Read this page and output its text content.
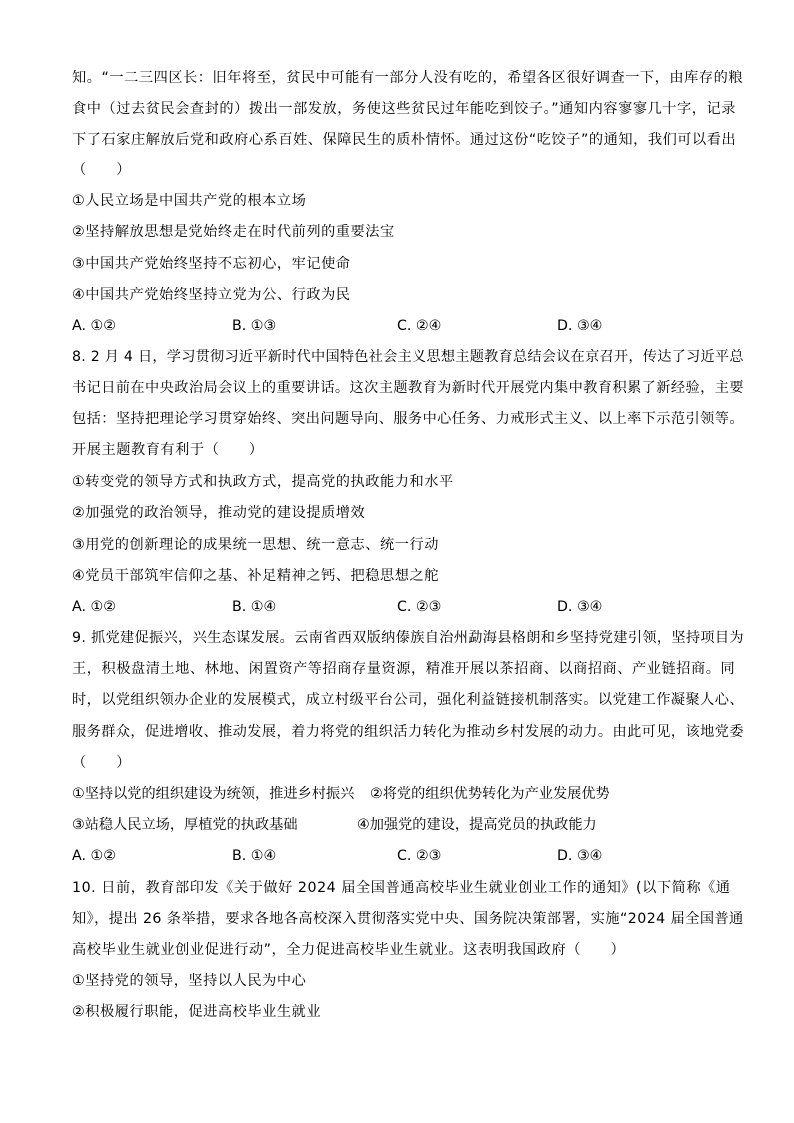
知。“一二三四区长：旧年将至，贫民中可能有一部分人没有吃的，希望各区很好调查一下，由库存的粮
食中（过去贫民会查封的）拨出一部发放，务使这些贫民过年能吃到饺子。”通知内容寥寥几十字，记录
下了石家庄解放后党和政府心系百姓、保障民生的质朴情怀。通过这份“吃饺子”的通知，我们可以看出
（　　）
①人民立场是中国共产党的根本立场
②坚持解放思想是党始终走在时代前列的重要法宝
③中国共产党始终坚持不忘初心，牢记使命
④中国共产党始终坚持立党为公、行政为民
A. ①②	B. ①③	C. ②④	D. ③④
8. 2 月 4 日，学习贯彻习近平新时代中国特色社会主义思想主题教育总结会议在京召开，传达了习近平总
书记日前在中央政治局会议上的重要讲话。这次主题教育为新时代开展党内集中教育积累了新经验，主要
包括：坚持把理论学习贯穿始终、突出问题导向、服务中心任务、力戒形式主义、以上率下示范引领等。
开展主题教育有利于（　　）
①转变党的领导方式和执政方式，提高党的执政能力和水平
②加强党的政治领导，推动党的建设提质增效
③用党的创新理论的成果统一思想、统一意志、统一行动
④党员干部筑牢信仰之基、补足精神之钙、把稳思想之舵
A. ①②	B. ①④	C. ②③	D. ③④
9. 抓党建促振兴，兴生态谋发展。云南省西双版纳傣族自治州勐海县格朗和乡坚持党建引领，坚持项目为
王，积极盘清土地、林地、闲置资产等招商存量资源，精准开展以茶招商、以商招商、产业链招商。同
时，以党组织领办企业的发展模式，成立村级平台公司，强化利益链接机制落实。以党建工作凝聚人心、
服务群众，促进增收、推动发展，着力将党的组织活力转化为推动乡村发展的动力。由此可见，该地党委
（　　）
①坚持以党的组织建设为统领，推进乡村振兴 ②将党的组织优势转化为产业发展优势
③站稳人民立场，厚植党的执政基础	④加强党的建设，提高党员的执政能力
A. ①②	B. ①④	C. ②③	D. ③④
10. 日前，教育部印发《关于做好 2024 届全国普通高校毕业生就业创业工作的通知》(以下简称《通
知》，提出 26 条举措，要求各地各高校深入贯彻落实党中央、国务院决策部署，实施“2024 届全国普通
高校毕业生就业创业促进行动”，全力促进高校毕业生就业。这表明我国政府（　　）
①坚持党的领导，坚持以人民为中心
②积极履行职能，促进高校毕业生就业
